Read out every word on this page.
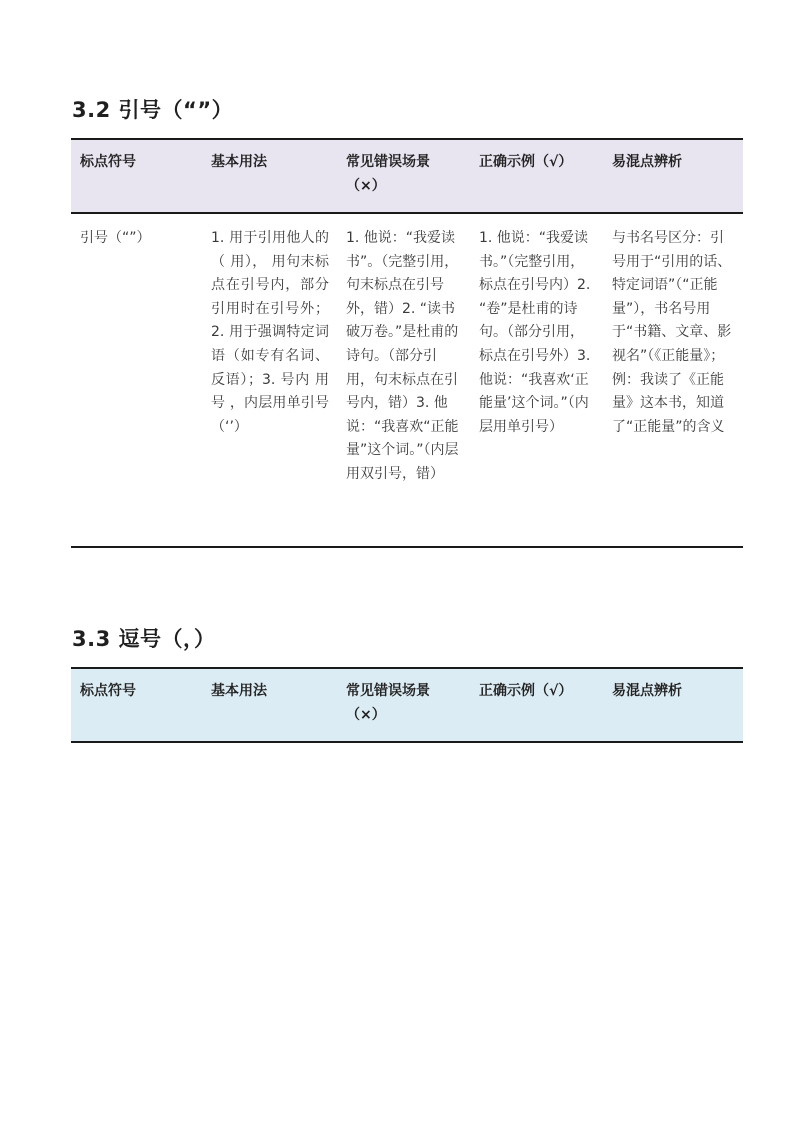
3.2 引号（“”）
标点符号	基本用法	常见错误场景（×）	正确示例（√）	易混点辨析
引号（“”）	1. 用于引用他人的 （ 用）， 用句末标点在引号内，部分引用时在引号外；2. 用于强调特定词语（如专有名词、反语）；3. 号内 用 号 ，内层用单引号（‘’）	1. 他说：“我爱读书”。（完整引用，句末标点在引号外，错）2. “读书破万卷。”是杜甫的诗句。（部分引用，句末标点在引号内，错）3. 他说：“我喜欢“正能量”这个词。”（内层用双引号，错）	1. 他说：“我爱读书。”（完整引用，标点在引号内）2. “卷”是杜甫的诗句。（部分引用，标点在引号外）3. 他说：“我喜欢‘正能量’这个词。”（内层用单引号）	与书名号区分：引号用于“引用的话、特定词语”（“正能量”），书名号用于“书籍、文章、影视名”（《正能量》；例：我读了《正能量》这本书，知道了“正能量”的含义
3.3 逗号（，）
标点符号	基本用法	常见错误场景（×）	正确示例（√）	易混点辨析
